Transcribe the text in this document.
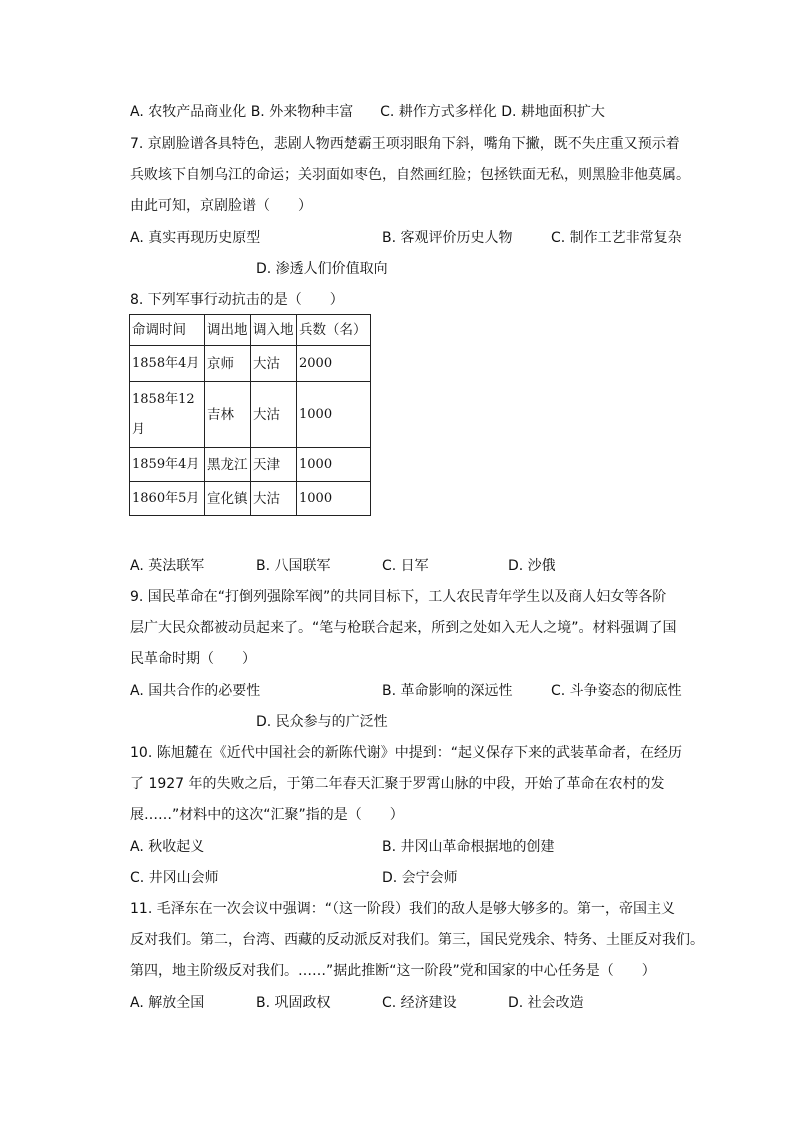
A. 农牧产品商业化 B. 外来物种丰富 C. 耕作方式多样化 D. 耕地面积扩大
7. 京剧脸谱各具特色，悲剧人物西楚霸王项羽眼角下斜，嘴角下撇，既不失庄重又预示着
兵败垓下自刎乌江的命运；关羽面如枣色，自然画红脸；包拯铁面无私，则黑脸非他莫属。
由此可知，京剧脸谱（　　）
A. 真实再现历史原型	B. 客观评价历史人物	C. 制作工艺非常复杂
D. 渗透人们价值取向
8. 下列军事行动抗击的是（　　）
命调时间	调出地	调入地	兵数（名）
1858年4月	京师	大沽	2000
1858年12月	吉林	大沽	1000
1859年4月	黑龙江	天津	1000
1860年5月	宣化镇	大沽	1000
A. 英法联军	B. 八国联军	C. 日军	D. 沙俄
9. 国民革命在“打倒列强除军阀”的共同目标下，工人农民青年学生以及商人妇女等各阶
层广大民众都被动员起来了。“笔与枪联合起来，所到之处如入无人之境”。材料强调了国
民革命时期（　　）
A. 国共合作的必要性	B. 革命影响的深远性	C. 斗争姿态的彻底性
D. 民众参与的广泛性
10. 陈旭麓在《近代中国社会的新陈代谢》中提到：“起义保存下来的武装革命者，在经历
了 1927 年的失败之后，于第二年春天汇聚于罗霄山脉的中段，开始了革命在农村的发
展……”材料中的这次“汇聚”指的是（　　）
A. 秋收起义	B. 井冈山革命根据地的创建
C. 井冈山会师	D. 会宁会师
11. 毛泽东在一次会议中强调：“（这一阶段）我们的敌人是够大够多的。第一，帝国主义
反对我们。第二，台湾、西藏的反动派反对我们。第三，国民党残余、特务、土匪反对我们。
第四，地主阶级反对我们。……”据此推断“这一阶段”党和国家的中心任务是（　　）
A. 解放全国	B. 巩固政权	C. 经济建设	D. 社会改造
